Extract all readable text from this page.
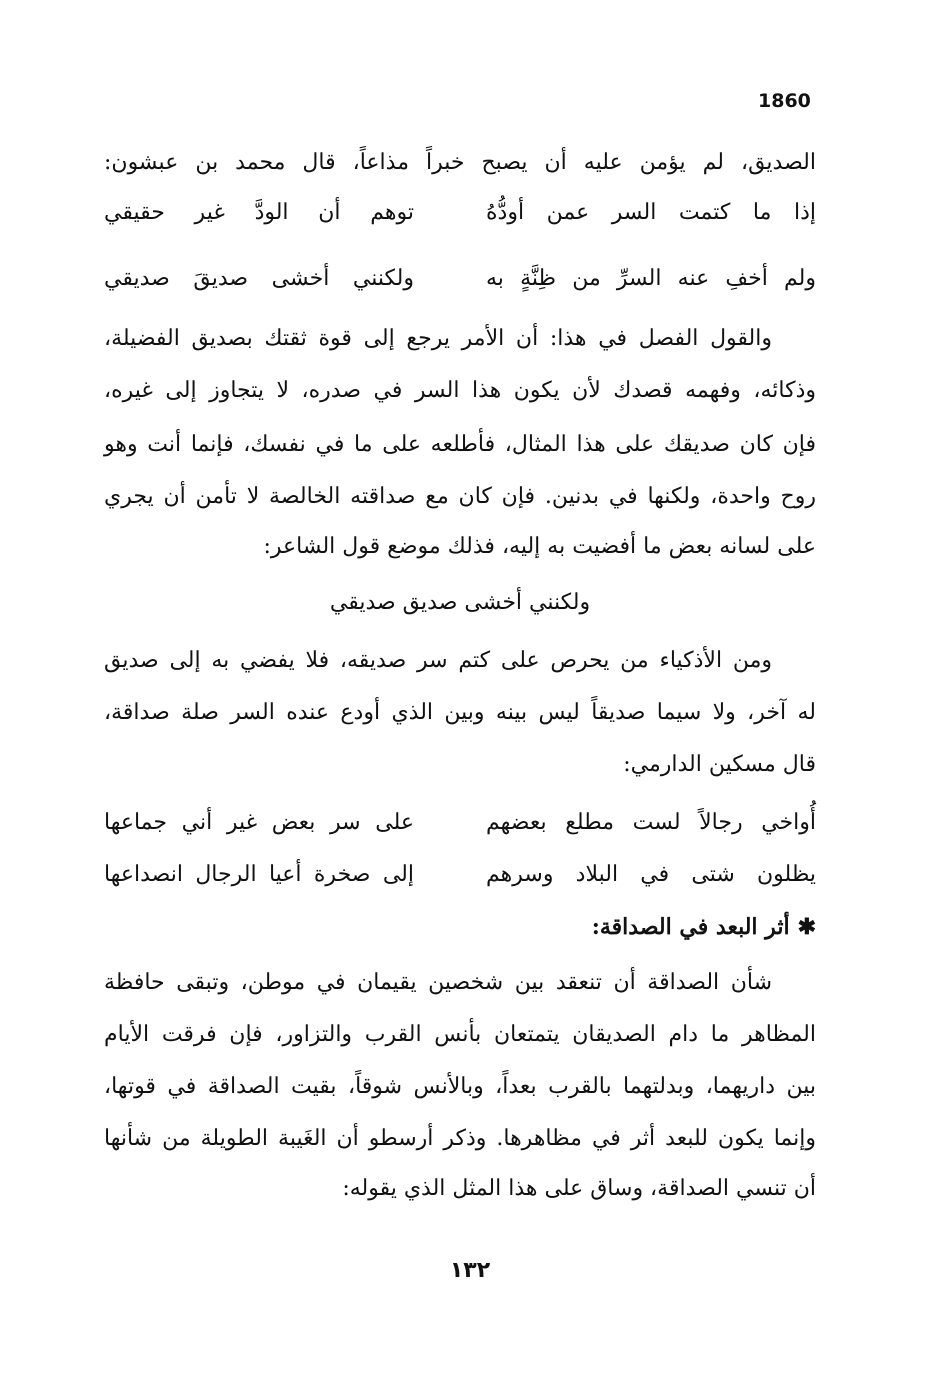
1860
الصديق، لم يؤمن عليه أن يصبح خبراً مذاعاً، قال محمد بن عبشون:
إذا ما كتمت السر عمن أودُّهُ
توهم أن الودَّ غير حقيقي
ولم أخفِ عنه السرِّ من ظِنَّةٍ به
ولكنني أخشى صديقَ صديقي
والقول الفصل في هذا: أن الأمر يرجع إلى قوة ثقتك بصديق الفضيلة،
وذكائه، وفهمه قصدك لأن يكون هذا السر في صدره، لا يتجاوز إلى غيره،
فإن كان صديقك على هذا المثال، فأطلعه على ما في نفسك، فإنما أنت وهو
روح واحدة، ولكنها في بدنين. فإن كان مع صداقته الخالصة لا تأمن أن يجري
على لسانه بعض ما أفضيت به إليه، فذلك موضع قول الشاعر:
ولكنني أخشى صديق صديقي
ومن الأذكياء من يحرص على كتم سر صديقه، فلا يفضي به إلى صديق
له آخر، ولا سيما صديقاً ليس بينه وبين الذي أودع عنده السر صلة صداقة،
قال مسكين الدارمي:
أُواخي رجالاً لست مطلع بعضهم
على سر بعض غير أني جماعها
يظلون شتى في البلاد وسرهم
إلى صخرة أعيا الرجال انصداعها
✱أثر البعد في الصداقة:
شأن الصداقة أن تنعقد بين شخصين يقيمان في موطن، وتبقى حافظة
المظاهر ما دام الصديقان يتمتعان بأنس القرب والتزاور، فإن فرقت الأيام
بين داريهما، وبدلتهما بالقرب بعداً، وبالأنس شوقاً، بقيت الصداقة في قوتها،
وإنما يكون للبعد أثر في مظاهرها. وذكر أرسطو أن الغَيبة الطويلة من شأنها
أن تنسي الصداقة، وساق على هذا المثل الذي يقوله:
١٣٢
